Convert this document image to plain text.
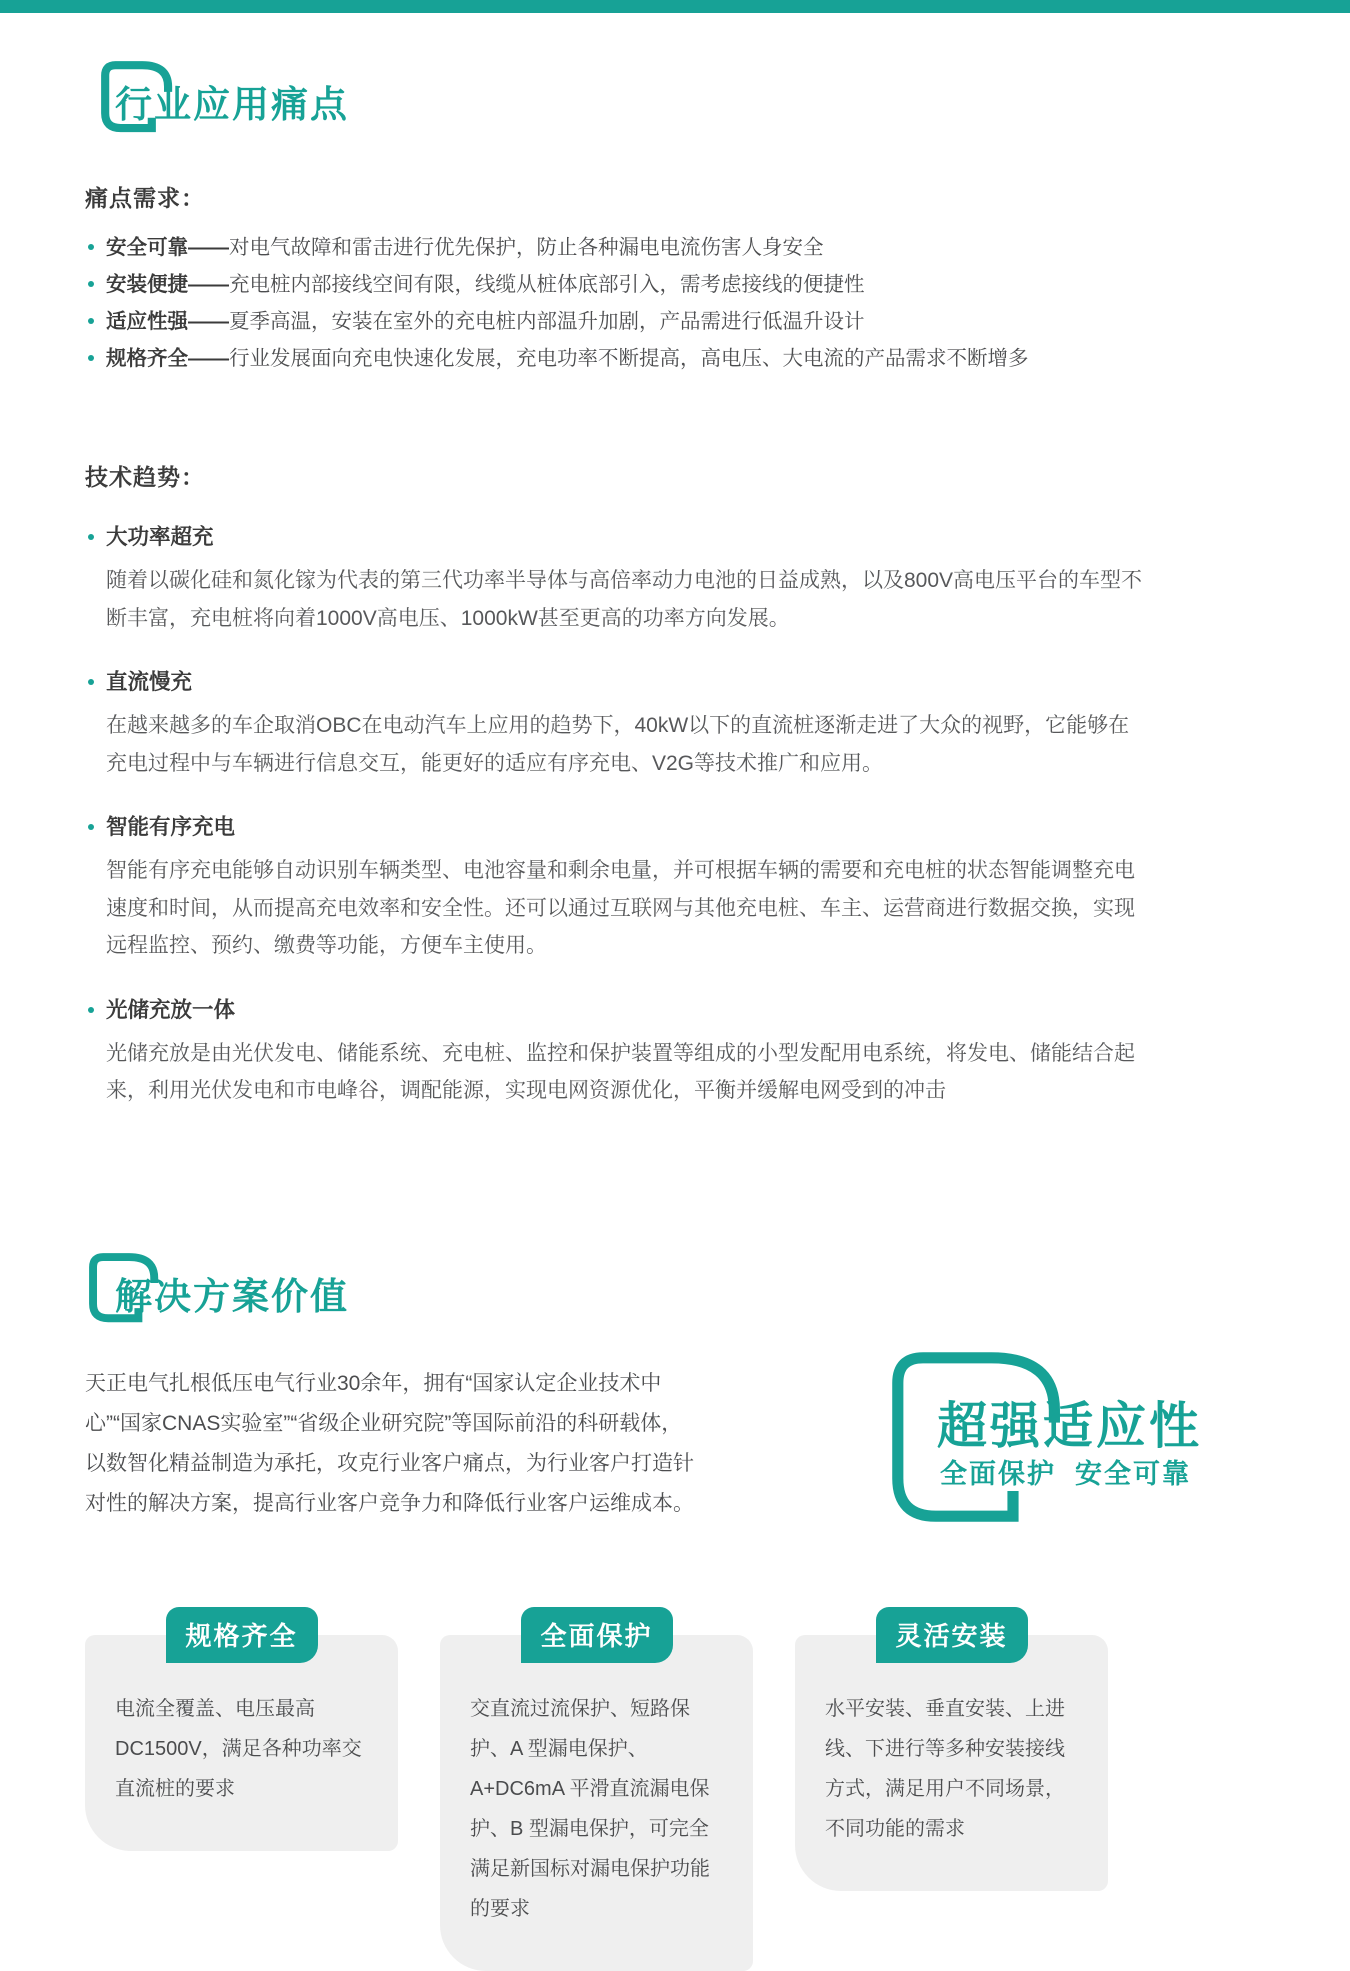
行业应用痛点
痛点需求：
安全可靠——对电气故障和雷击进行优先保护，防止各种漏电电流伤害人身安全
安装便捷——充电桩内部接线空间有限，线缆从桩体底部引入，需考虑接线的便捷性
适应性强——夏季高温，安装在室外的充电桩内部温升加剧，产品需进行低温升设计
规格齐全——行业发展面向充电快速化发展，充电功率不断提高，高电压、大电流的产品需求不断增多
技术趋势：
大功率超充
随着以碳化硅和氮化镓为代表的第三代功率半导体与高倍率动力电池的日益成熟，以及800V高电压平台的车型不断丰富，充电桩将向着1000V高电压、1000kW甚至更高的功率方向发展。
直流慢充
在越来越多的车企取消OBC在电动汽车上应用的趋势下，40kW以下的直流桩逐渐走进了大众的视野，它能够在充电过程中与车辆进行信息交互，能更好的适应有序充电、V2G等技术推广和应用。
智能有序充电
智能有序充电能够自动识别车辆类型、电池容量和剩余电量，并可根据车辆的需要和充电桩的状态智能调整充电速度和时间，从而提高充电效率和安全性。还可以通过互联网与其他充电桩、车主、运营商进行数据交换，实现远程监控、预约、缴费等功能，方便车主使用。
光储充放一体
光储充放是由光伏发电、储能系统、充电桩、监控和保护装置等组成的小型发配用电系统，将发电、储能结合起来，利用光伏发电和市电峰谷，调配能源，实现电网资源优化，平衡并缓解电网受到的冲击
解决方案价值
天正电气扎根低压电气行业30余年，拥有“国家认定企业技术中心”“国家CNAS实验室”“省级企业研究院”等国际前沿的科研载体，以数智化精益制造为承托，攻克行业客户痛点，为行业客户打造针对性的解决方案，提高行业客户竞争力和降低行业客户运维成本。
超强适应性
全面保护  安全可靠
规格齐全
电流全覆盖、电压最高 DC1500V，满足各种功率交直流桩的要求
全面保护
交直流过流保护、短路保护、A 型漏电保护、A+DC6mA 平滑直流漏电保护、B 型漏电保护，可完全满足新国标对漏电保护功能的要求
灵活安装
水平安装、垂直安装、上进线、下进行等多种安装接线方式，满足用户不同场景，不同功能的需求
